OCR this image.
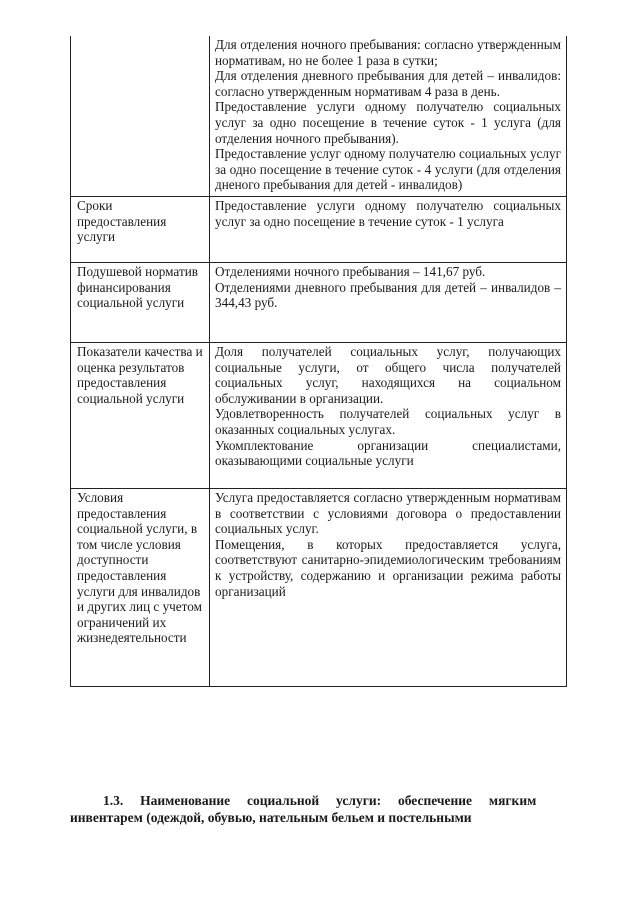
	Для отделения ночного пребывания: согласно утвержденным нормативам, но не более 1 раза в сутки;
Для отделения дневного пребывания для детей – инвалидов: согласно утвержденным нормативам 4 раза в день.
Предоставление услуги одному получателю социальных услуг за одно посещение в течение суток - 1 услуга (для отделения ночного пребывания).
Предоставление услуг одному получателю социальных услуг за одно посещение в течение суток - 4 услуги (для отделения дненого пребывания для детей - инвалидов)

Сроки предоставления услуги	Предоставление услуги одному получателю социальных услуг за одно посещение в течение суток - 1 услуга

Подушевой норматив финансирования социальной услуги	Отделениями ночного пребывания – 141,67 руб.
Отделениями дневного пребывания для детей – инвалидов –344,43 руб.

Показатели качества и оценка результатов предоставления социальной услуги	Доля получателей социальных услуг, получающих социальные услуги, от общего числа получателей социальных услуг, находящихся на социальном обслуживании в организации.
Удовлетворенность получателей социальных услуг в оказанных социальных услугах.
Укомплектование организации специалистами, оказывающими социальные услуги

Условия предоставления социальной услуги, в том числе условия доступности предоставления услуги для инвалидов и других лиц с учетом ограничений их жизнедеятельности	Услуга предоставляется согласно утвержденным нормативам в соответствии с условиями договора о предоставлении социальных услуг.
Помещения, в которых предоставляется услуга, соответствуют санитарно-эпидемиологическим требованиям к устройству, содержанию и организации режима работы организаций
1.3.     Наименование     социальной     услуги:     обеспечение     мягким
инвентарем (одеждой, обувью, нательным бельем и постельными
